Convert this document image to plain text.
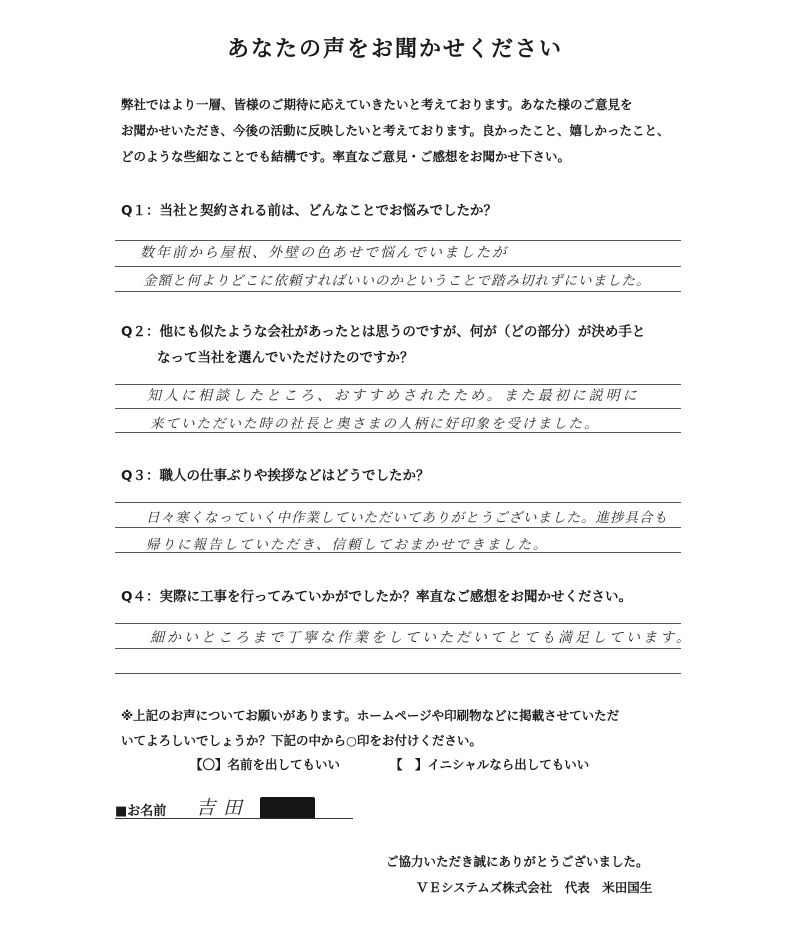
あなたの声をお聞かせください
弊社ではより一層、皆様のご期待に応えていきたいと考えております。あなた様のご意見を
お聞かせいただき、今後の活動に反映したいと考えております。良かったこと、嬉しかったこと、
どのような些細なことでも結構です。率直なご意見・ご感想をお聞かせ下さい。
Q１：当社と契約される前は、どんなことでお悩みでしたか？
数年前から屋根、外壁の色あせで悩んでいましたが
金額と何よりどこに依頼すればいいのかということで踏み切れずにいました。
Q２：他にも似たような会社があったとは思うのですが、何が（どの部分）が決め手と
なって当社を選んでいただけたのですか？
知人に相談したところ、おすすめされたため。また最初に説明に
来ていただいた時の社長と奥さまの人柄に好印象を受けました。
Q３：職人の仕事ぶりや挨拶などはどうでしたか？
日々寒くなっていく中作業していただいてありがとうございました。進捗具合も
帰りに報告していただき、信頼しておまかせできました。
Q４：実際に工事を行ってみていかがでしたか？率直なご感想をお聞かせください。
細かいところまで丁寧な作業をしていただいてとても満足しています。
※上記のお声についてお願いがあります。ホームページや印刷物などに掲載させていただ
いてよろしいでしょうか？下記の中から○印をお付けください。
【〇】名前を出してもいい	【　】イニシャルなら出してもいい
■お名前 吉田
ご協力いただき誠にありがとうございました。
ＶＥシステムズ株式会社　代表　米田国生
